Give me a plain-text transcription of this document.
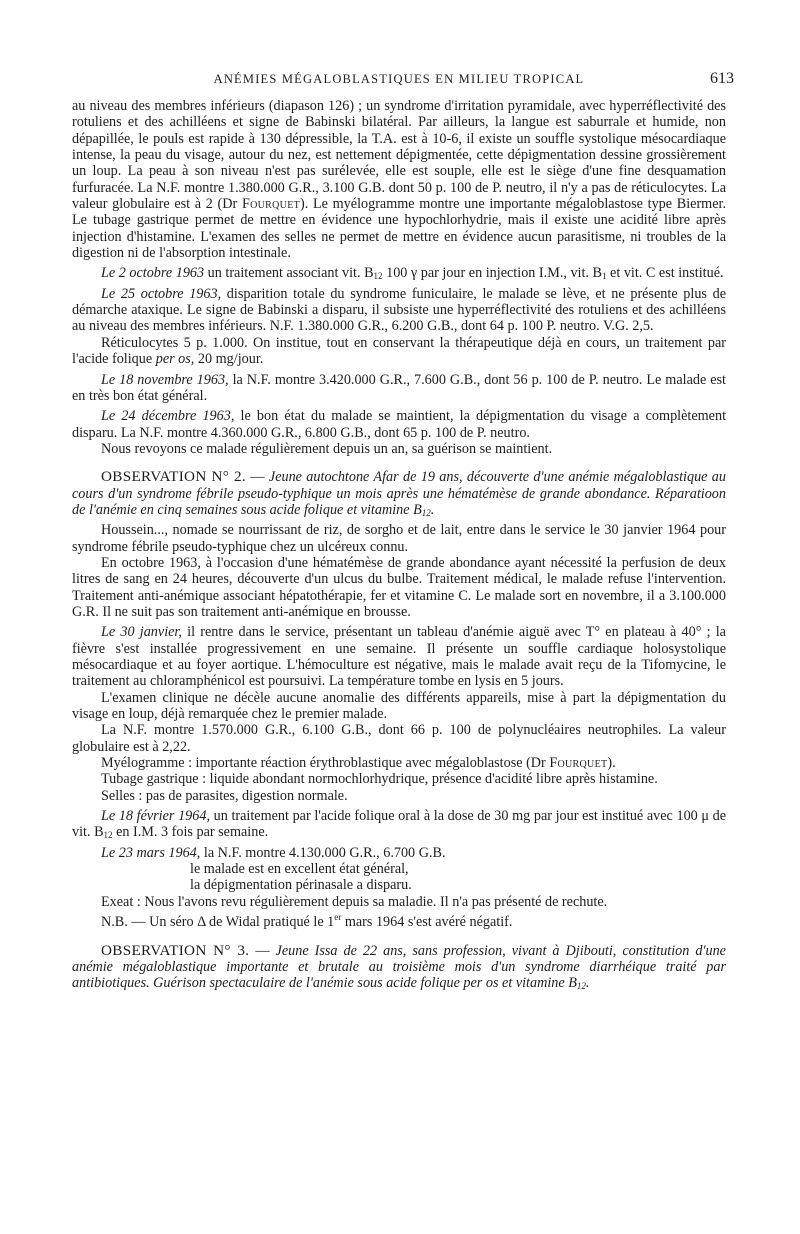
ANÉMIES MÉGALOBLASTIQUES EN MILIEU TROPICAL	613

au niveau des membres inférieurs (diapason 126) ; un syndrome d'irritation pyramidale, avec hyperréflectivité des rotuliens et des achilléens et signe de Babinski bilatéral. Par ailleurs, la langue est saburrale et humide, non dépapillée, le pouls est rapide à 130 dépressible, la T.A. est à 10-6, il existe un souffle systolique mésocardiaque intense, la peau du visage, autour du nez, est nettement dépigmentée, cette dépigmentation dessine grossièrement un loup. La peau à son niveau n'est pas surélevée, elle est souple, elle est le siège d'une fine desquamation furfuracée. La N.F. montre 1.380.000 G.R., 3.100 G.B. dont 50 p. 100 de P. neutro, il n'y a pas de réticulocytes. La valeur globulaire est à 2 (Dr Fourquet). Le myélogramme montre une importante mégaloblastose type Biermer. Le tubage gastrique permet de mettre en évidence une hypochlorhydrie, mais il existe une acidité libre après injection d'histamine. L'examen des selles ne permet de mettre en évidence aucun parasitisme, ni troubles de la digestion ni de l'absorption intestinale.

Le 2 octobre 1963 un traitement associant vit. $B_{12}$ 100 γ par jour en injection I.M., vit. $B_1$ et vit. C est institué.

Le 25 octobre 1963, disparition totale du syndrome funiculaire, le malade se lève, et ne présente plus de démarche ataxique. Le signe de Babinski a disparu, il subsiste une hyperréflectivité des rotuliens et des achilléens au niveau des membres inférieurs. N.F. 1.380.000 G.R., 6.200 G.B., dont 64 p. 100 P. neutro. V.G. 2,5.

Réticulocytes 5 p. 1.000. On institue, tout en conservant la thérapeutique déjà en cours, un traitement par l'acide folique per os, 20 mg/jour.

Le 18 novembre 1963, la N.F. montre 3.420.000 G.R., 7.600 G.B., dont 56 p. 100 de P. neutro. Le malade est en très bon état général.

Le 24 décembre 1963, le bon état du malade se maintient, la dépigmentation du visage a complètement disparu. La N.F. montre 4.360.000 G.R., 6.800 G.B., dont 65 p. 100 de P. neutro.

Nous revoyons ce malade régulièrement depuis un an, sa guérison se maintient.

OBSERVATION N° 2. — Jeune autochtone Afar de 19 ans, découverte d'une anémie mégaloblastique au cours d'un syndrome fébrile pseudo-typhique un mois après une hématémèse de grande abondance. Réparatioon de l'anémie en cinq semaines sous acide folique et vitamine $B_{12}$.

Houssein..., nomade se nourrissant de riz, de sorgho et de lait, entre dans le service le 30 janvier 1964 pour syndrome fébrile pseudo-typhique chez un ulcéreux connu.

En octobre 1963, à l'occasion d'une hématémèse de grande abondance ayant nécessité la perfusion de deux litres de sang en 24 heures, découverte d'un ulcus du bulbe. Traitement médical, le malade refuse l'intervention. Traitement anti-anémique associant hépatothérapie, fer et vitamine C. Le malade sort en novembre, il a 3.100.000 G.R. Il ne suit pas son traitement anti-anémique en brousse.

Le 30 janvier, il rentre dans le service, présentant un tableau d'anémie aiguë avec T° en plateau à 40° ; la fièvre s'est installée progressivement en une semaine. Il présente un souffle cardiaque holosystolique mésocardiaque et au foyer aortique. L'hémoculture est négative, mais le malade avait reçu de la Tifomycine, le traitement au chloramphénicol est poursuivi. La température tombe en lysis en 5 jours.

L'examen clinique ne décèle aucune anomalie des différents appareils, mise à part la dépigmentation du visage en loup, déjà remarquée chez le premier malade.

La N.F. montre 1.570.000 G.R., 6.100 G.B., dont 66 p. 100 de polynucléaires neutrophiles. La valeur globulaire est à 2,22.

Myélogramme : importante réaction érythroblastique avec mégaloblastose (Dr Fourquet).

Tubage gastrique : liquide abondant normochlorhydrique, présence d'acidité libre après histamine.

Selles : pas de parasites, digestion normale.

Le 18 février 1964, un traitement par l'acide folique oral à la dose de 30 mg par jour est institué avec 100 μ de vit. $B_{12}$ en I.M. 3 fois par semaine.

Le 23 mars 1964, la N.F. montre 4.130.000 G.R., 6.700 G.B.
le malade est en excellent état général,
la dépigmentation périnasale a disparu.

Exeat : Nous l'avons revu régulièrement depuis sa maladie. Il n'a pas présenté de rechute.

N.B. — Un séro Δ de Widal pratiqué le 1er mars 1964 s'est avéré négatif.

OBSERVATION N° 3. — Jeune Issa de 22 ans, sans profession, vivant à Djibouti, constitution d'une anémie mégaloblastique importante et brutale au troisième mois d'un syndrome diarrhéique traité par antibiotiques. Guérison spectaculaire de l'anémie sous acide folique per os et vitamine $B_{12}$.
